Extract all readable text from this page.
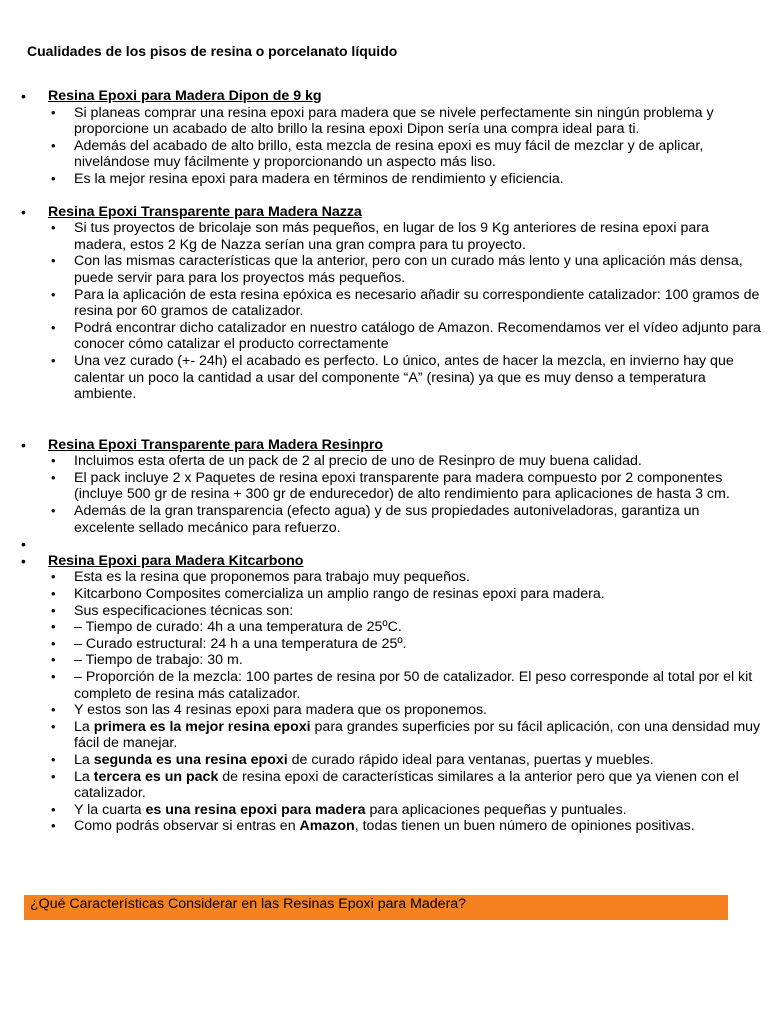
Cualidades de los pisos de resina o porcelanato líquido
• Resina Epoxi para Madera Dipon de 9 kg
• Si planeas comprar una resina epoxi para madera que se nivele perfectamente sin ningún problema y proporcione un acabado de alto brillo la resina epoxi Dipon sería una compra ideal para ti.
• Además del acabado de alto brillo, esta mezcla de resina epoxi es muy fácil de mezclar y de aplicar, nivelándose muy fácilmente y proporcionando un aspecto más liso.
• Es la mejor resina epoxi para madera en términos de rendimiento y eficiencia.
• Resina Epoxi Transparente para Madera Nazza
• Si tus proyectos de bricolaje son más pequeños, en lugar de los 9 Kg anteriores de resina epoxi para madera, estos 2 Kg de Nazza serían una gran compra para tu proyecto.
• Con las mismas características que la anterior, pero con un curado más lento y una aplicación más densa, puede servir para para los proyectos más pequeños.
• Para la aplicación de esta resina epóxica es necesario añadir su correspondiente catalizador: 100 gramos de resina por 60 gramos de catalizador.
• Podrá encontrar dicho catalizador en nuestro catálogo de Amazon. Recomendamos ver el vídeo adjunto para conocer cómo catalizar el producto correctamente
• Una vez curado (+- 24h) el acabado es perfecto. Lo único, antes de hacer la mezcla, en invierno hay que calentar un poco la cantidad a usar del componente “A” (resina) ya que es muy denso a temperatura ambiente.
• Resina Epoxi Transparente para Madera Resinpro
• Incluimos esta oferta de un pack de 2 al precio de uno de Resinpro de muy buena calidad.
• El pack incluye 2 x Paquetes de resina epoxi transparente para madera compuesto por 2 componentes (incluye 500 gr de resina + 300 gr de endurecedor) de alto rendimiento para aplicaciones de hasta 3 cm.
• Además de la gran transparencia (efecto agua) y de sus propiedades autoniveladoras, garantiza un excelente sellado mecánico para refuerzo.
•
• Resina Epoxi para Madera Kitcarbono
• Esta es la resina que proponemos para trabajo muy pequeños.
• Kitcarbono Composites comercializa un amplio rango de resinas epoxi para madera.
• Sus especificaciones técnicas son:
• – Tiempo de curado: 4h a una temperatura de 25ºC.
• – Curado estructural: 24 h a una temperatura de 25º.
• – Tiempo de trabajo: 30 m.
• – Proporción de la mezcla: 100 partes de resina por 50 de catalizador. El peso corresponde al total por el kit completo de resina más catalizador.
• Y estos son las 4 resinas epoxi para madera que os proponemos.
• La primera es la mejor resina epoxi para grandes superficies por su fácil aplicación, con una densidad muy fácil de manejar.
• La segunda es una resina epoxi de curado rápido ideal para ventanas, puertas y muebles.
• La tercera es un pack de resina epoxi de características similares a la anterior pero que ya vienen con el catalizador.
• Y la cuarta es una resina epoxi para madera para aplicaciones pequeñas y puntuales.
• Como podrás observar si entras en Amazon, todas tienen un buen número de opiniones positivas.
¿Qué Características Considerar en las Resinas Epoxi para Madera?
